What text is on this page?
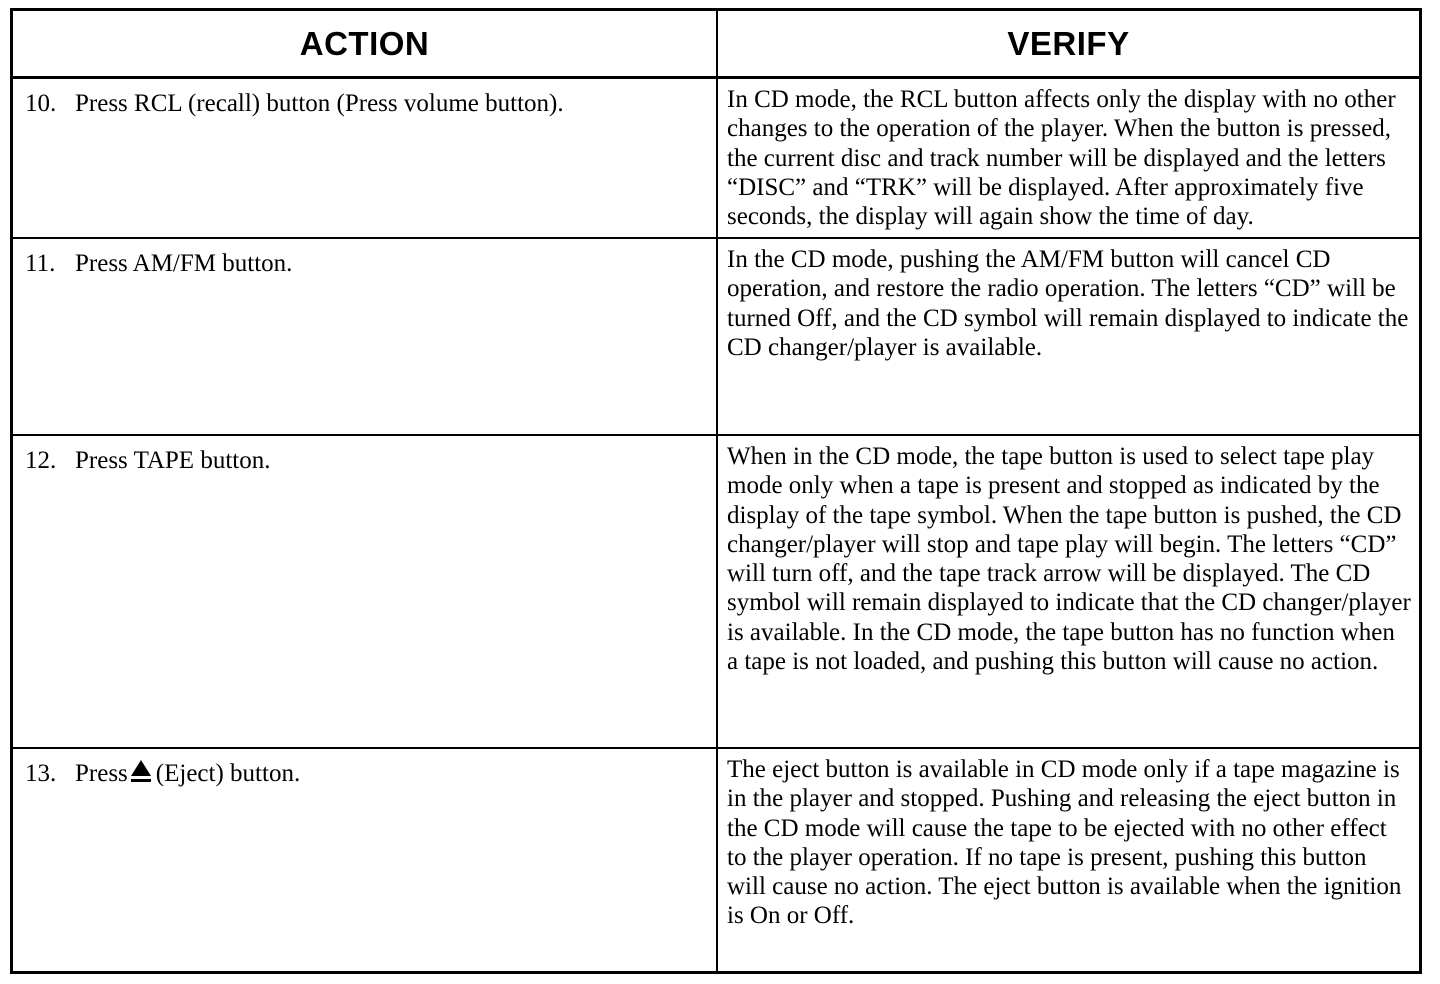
ACTION	VERIFY
10. Press RCL (recall) button (Press volume button).	In CD mode, the RCL button affects only the display with no other changes to the operation of the player. When the button is pressed, the current disc and track number will be displayed and the letters “DISC” and “TRK” will be displayed. After approximately five seconds, the display will again show the time of day.
11. Press AM/FM button.	In the CD mode, pushing the AM/FM button will cancel CD operation, and restore the radio operation. The letters “CD” will be turned Off, and the CD symbol will remain displayed to indicate the CD changer/player is available.
12. Press TAPE button.	When in the CD mode, the tape button is used to select tape play mode only when a tape is present and stopped as indicated by the display of the tape symbol. When the tape button is pushed, the CD changer/player will stop and tape play will begin. The letters “CD” will turn off, and the tape track arrow will be displayed. The CD symbol will remain displayed to indicate that the CD changer/player is available. In the CD mode, the tape button has no function when a tape is not loaded, and pushing this button will cause no action.
13. Press (Eject) button.	The eject button is available in CD mode only if a tape magazine is in the player and stopped. Pushing and releasing the eject button in the CD mode will cause the tape to be ejected with no other effect to the player operation. If no tape is present, pushing this button will cause no action. The eject button is available when the ignition is On or Off.
